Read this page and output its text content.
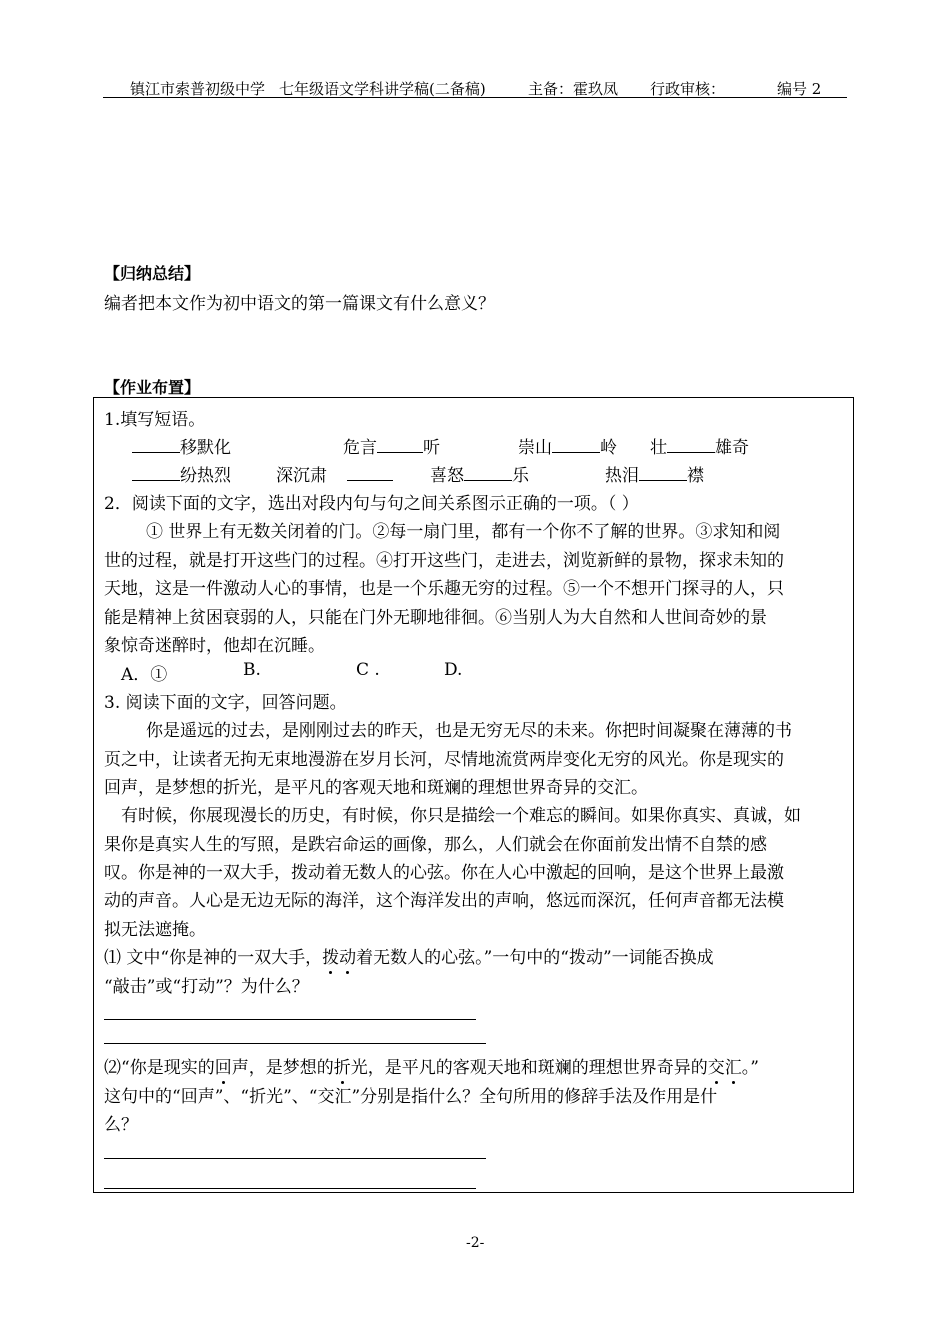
镇江市索普初级中学 七年级语文学科讲学稿(二备稿)	主备：霍玖凤 行政审核：	编号 2
【归纳总结】
编者把本文作为初中语文的第一篇课文有什么意义？
【作业布置】
1.填写短语。
移默化	危言	听	崇山	岭 壮	雄奇
纷热烈	深沉肃	喜怒	乐	热泪	襟
2．阅读下面的文字，选出对段内句与句之间关系图示正确的一项。（ ）
① 世界上有无数关闭着的门。②每一扇门里，都有一个你不了解的世界。③求知和阅
世的过程，就是打开这些门的过程。④打开这些门，走进去，浏览新鲜的景物，探求未知的
天地，这是一件激动人心的事情，也是一个乐趣无穷的过程。⑤一个不想开门探寻的人，只
能是精神上贫困衰弱的人，只能在门外无聊地徘徊。⑥当别人为大自然和人世间奇妙的景
象惊奇迷醉时，他却在沉睡。
A．①	B.	C .	D.
3. 阅读下面的文字，回答问题。
你是遥远的过去，是刚刚过去的昨天，也是无穷无尽的未来。你把时间凝聚在薄薄的书
页之中，让读者无拘无束地漫游在岁月长河，尽情地流赏两岸变化无穷的风光。你是现实的
回声，是梦想的折光，是平凡的客观天地和斑斓的理想世界奇异的交汇。
有时候，你展现漫长的历史，有时候，你只是描绘一个难忘的瞬间。如果你真实、真诚，如
果你是真实人生的写照，是跌宕命运的画像，那么，人们就会在你面前发出情不自禁的感
叹。你是神的一双大手，拨动着无数人的心弦。你在人心中激起的回响，是这个世界上最激
动的声音。人心是无边无际的海洋，这个海洋发出的声响，悠远而深沉，任何声音都无法模
拟无法遮掩。
⑴ 文中“你是神的一双大手，拨动着无数人的心弦。”一句中的“拨动”一词能否换成
“敲击”或“打动”？为什么？
⑵“你是现实的回声，是梦想的折光，是平凡的客观天地和斑斓的理想世界奇异的交汇。”
这句中的“回声”、“折光”、“交汇”分别是指什么？全句所用的修辞手法及作用是什
么？
-2-
